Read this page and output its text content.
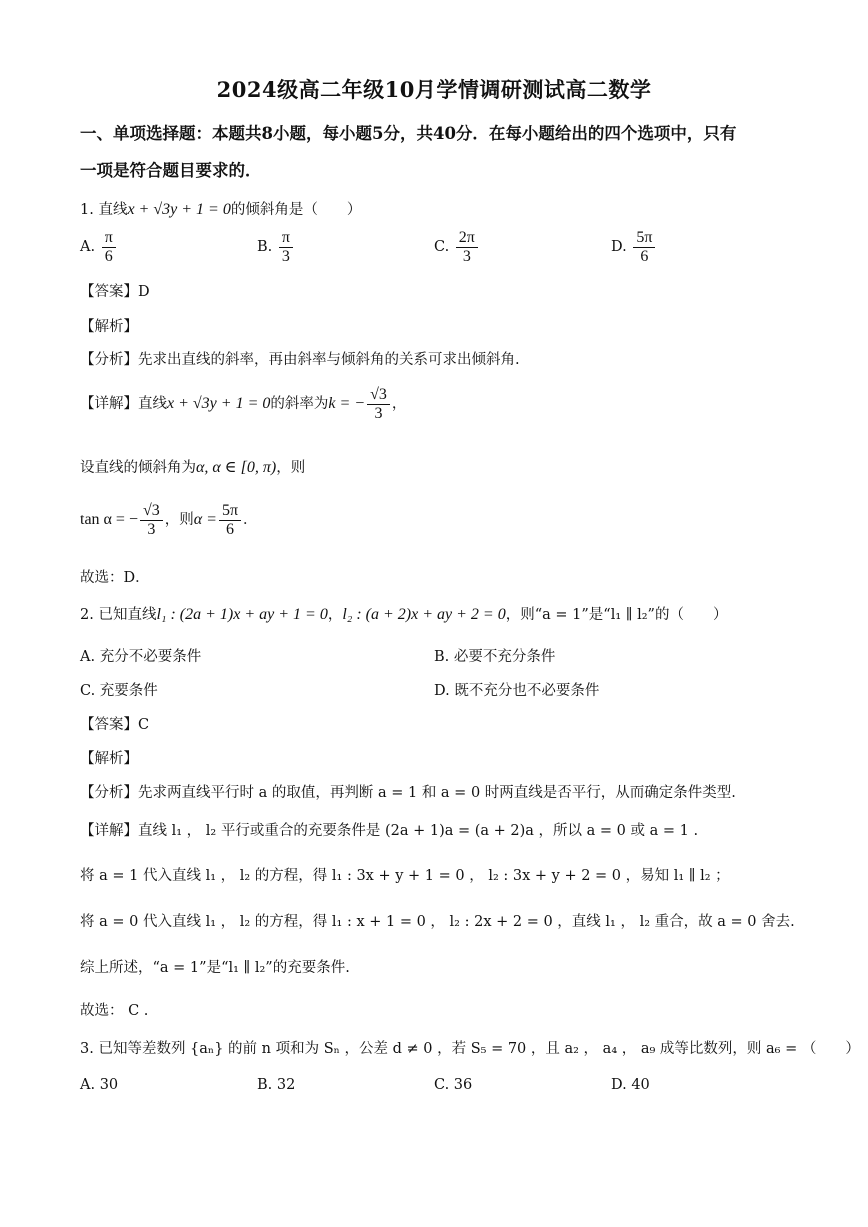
2024级高二年级10月学情调研测试高二数学
一、单项选择题：本题共8小题，每小题5分，共40分．在每小题给出的四个选项中，只有
一项是符合题目要求的．
1. 直线x + √3y + 1 = 0的倾斜角是（　　）
A. $\frac{\pi}{6}$	B. $\frac{\pi}{3}$	C. $\frac{2\pi}{3}$	D. $\frac{5\pi}{6}$
【答案】D
【解析】
【分析】先求出直线的斜率，再由斜率与倾斜角的关系可求出倾斜角.
【详解】直线x + √3y + 1 = 0的斜率为k = − $\frac{√3}{3}$ ，
设直线的倾斜角为α, α ∈ [0, π)，则
tan α = − $\frac{√3}{3}$ ，则$\alpha = \frac{5\pi}{6}$ ．
故选：D．
2. 已知直线l₁ : (2a + 1)x + ay + 1 = 0，l₂ : (a + 2)x + ay + 2 = 0，则“a = 1”是“l₁ ∥ l₂”的（　　）
A. 充分不必要条件	B. 必要不充分条件
C. 充要条件	D. 既不充分也不必要条件
【答案】C
【解析】
【分析】先求两直线平行时 a 的取值，再判断 a = 1 和 a = 0 时两直线是否平行，从而确定条件类型.
【详解】直线 l₁ ， l₂ 平行或重合的充要条件是 (2a + 1)a = (a + 2)a ，所以 a = 0 或 a = 1 .
将 a = 1 代入直线 l₁ ， l₂ 的方程，得 l₁ : 3x + y + 1 = 0 ， l₂ : 3x + y + 2 = 0 ，易知 l₁ ∥ l₂ ；
将 a = 0 代入直线 l₁ ， l₂ 的方程，得 l₁ : x + 1 = 0 ， l₂ : 2x + 2 = 0 ，直线 l₁ ， l₂ 重合，故 a = 0 舍去.
综上所述，“a = 1”是“l₁ ∥ l₂”的充要条件.
故选： C .
3. 已知等差数列 {aₙ} 的前 n 项和为 Sₙ ，公差 d ≠ 0 ，若 S₅ = 70 ，且 a₂ ， a₄ ， a₉ 成等比数列，则 a₆ = （　　）
A. 30	B. 32	C. 36	D. 40
